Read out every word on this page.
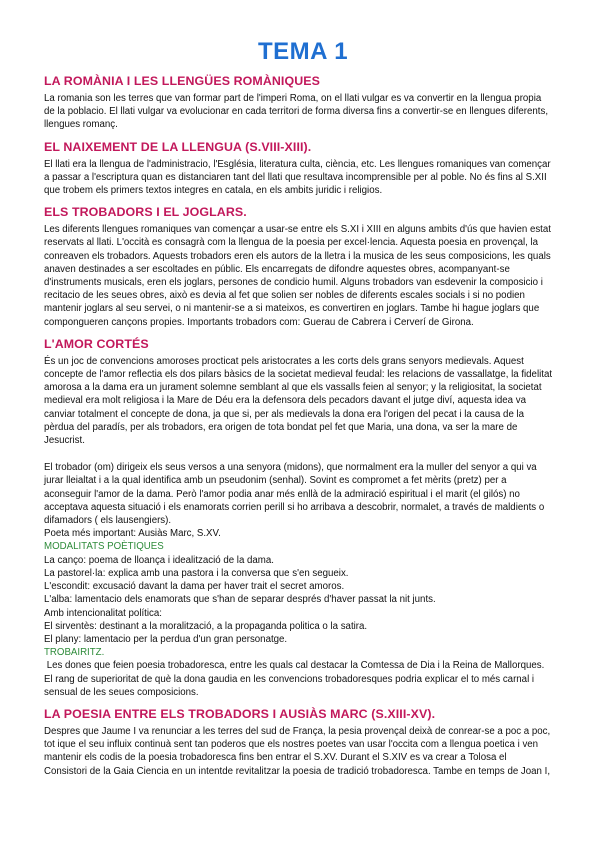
TEMA 1
LA ROMÀNIA I LES LLENGÜES ROMÀNIQUES
La romania son les terres que van formar part de l'imperi Roma, on el llati vulgar es va convertir en la llengua propia
de la poblacio. El llati vulgar va evolucionar en cada territori de forma diversa fins a convertir-se en llengues diferents,
llengues romanç.
EL NAIXEMENT DE LA LLENGUA (S.VIII-XIII).
El llati era la llengua de l'administracio, l'Església, literatura culta, ciència, etc. Les llengues romaniques van començar
a passar a l'escriptura quan es distanciaren tant del llati que resultava incomprensible per al poble. No és fins al S.XII
que trobem els primers textos integres en catala, en els ambits juridic i religios.
ELS TROBADORS I EL JOGLARS.
Les diferents llengues romaniques van començar a usar-se entre els S.XI i XIII en alguns ambits d'ús que havien estat
reservats al llati. L'occità es consagrà com la llengua de la poesia per excel·lencia. Aquesta poesia en provençal, la
conreaven els trobadors. Aquests trobadors eren els autors de la lletra i la musica de les seus composicions, les quals
anaven destinades a ser escoltades en públic. Els encarregats de difondre aquestes obres, acompanyant-se
d'instruments musicals, eren els joglars, persones de condicio humil. Alguns trobadors van esdevenir la composicio i
recitacio de les seues obres, això es devia al fet que solien ser nobles de diferents escales socials i si no podien
mantenir joglars al seu servei, o ni mantenir-se a si mateixos, es convertiren en joglars. Tambe hi hague joglars que
compongueren cançons propies. Importants trobadors com: Guerau de Cabrera i Cerverí de Girona.
L'AMOR CORTÉS
És un joc de convencions amoroses procticat pels aristocrates a les corts dels grans senyors medievals. Aquest
concepte de l'amor reflectia els dos pilars bàsics de la societat medieval feudal: les relacions de vassallatge, la fidelitat
amorosa a la dama era un jurament solemne semblant al que els vassalls feien al senyor; y la religiositat, la societat
medieval era molt religiosa i la Mare de Déu era la defensora dels pecadors davant el jutge diví, aquesta idea va
canviar totalment el concepte de dona, ja que si, per als medievals la dona era l'origen del pecat i la causa de la
pèrdua del paradís, per als trobadors, era origen de tota bondat pel fet que Maria, una dona, va ser la mare de
Jesucrist.
El trobador (om) dirigeix els seus versos a una senyora (midons), que normalment era la muller del senyor a qui va
jurar lleialtat i a la qual identifica amb un pseudonim (senhal). Sovint es compromet a fet mèrits (pretz) per a
aconseguir l'amor de la dama. Però l'amor podia anar més enllà de la admiració espiritual i el marit (el gilós) no
acceptava aquesta situació i els enamorats corrien perill si ho arribava a descobrir, normalet, a través de maldients o
difamadors ( els lausengiers).
Poeta més important: Ausiàs Marc, S.XV.
MODALITATS POÈTIQUES

La canço: poema de lloança i idealització de la dama.

La pastorel·la: explica amb una pastora i la conversa que s'en segueix.

L'escondit: excusació davant la dama per haver trait el secret amoros.

L'alba: lamentacio dels enamorats que s'han de separar després d'haver passat la nit junts.

Amb intencionalitat política:

El sirventès: destinant a la moralització, a la propaganda politica o la satira.

El plany: lamentacio per la perdua d'un gran personatge.

TROBAIRITZ.
Les dones que feien poesia trobadoresca, entre les quals cal destacar la Comtessa de Dia i la Reina de Mallorques.
El rang de superioritat de què la dona gaudia en les convencions trobadoresques podria explicar el to més carnal i
sensual de les seues composicions.
LA POESIA ENTRE ELS TROBADORS I AUSIÀS MARC (S.XIII-XV).
Despres que Jaume I va renunciar a les terres del sud de França, la pesia provençal deixà de conrear-se a poc a poc,
tot ique el seu influix continuà sent tan poderos que els nostres poetes van usar l'occita com a llengua poetica i ven
mantenir els codis de la poesia trobadoresca fins ben entrar el S.XV. Durant el S.XIV es va crear a Tolosa el
Consistori de la Gaia Ciencia en un intentde revitalitzar la poesia de tradició trobadoresca. Tambe en temps de Joan I,
